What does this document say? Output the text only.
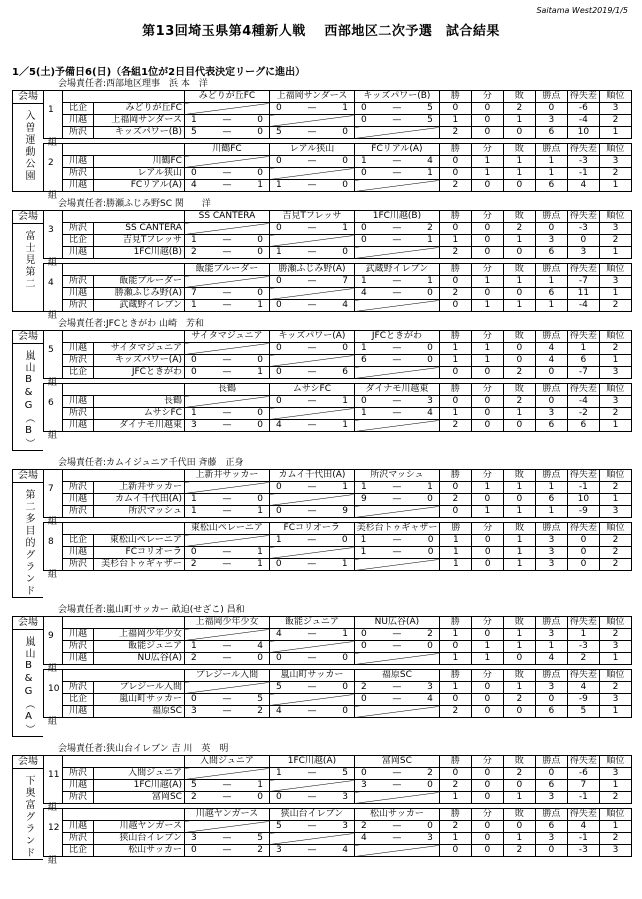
Saitama West2019/1/5
第13回埼玉県第4種新人戦　 西部地区二次予選　試合結果
1／5(土)予備日6(日)（各組1位が2日目代表決定リーグに進出）
会場責任者:西部地区理事　浜 本　洋
会場
入曽運動公園 1
組
		みどりが丘FC	上福岡サンダース	キッズパワー(B)	勝	分	敗	勝点	得失差	順位
比企	みどりが丘FC		0 — 1	0 — 5	0	0	2	0	-6	3
川越	上福岡サンダース	1 — 0		0 — 5	1	0	1	3	-4	2
所沢	キッズパワー(B)	5 — 0	5 — 0		2	0	0	6	10	1
2
組
		川鶴FC	レアル狭山	FCリアル(A)	勝	分	敗	勝点	得失差	順位
川越	川鶴FC		0 — 0	1 — 4	0	1	1	1	-3	3
所沢	レアル狭山	0 — 0		0 — 1	0	1	1	1	-1	2
川越	FCリアル(A)	4 — 1	1 — 0		2	0	0	6	4	1
会場責任者:勝瀬ふじみ野SC 関　　洋
会場
富士見第二 3
組
		SS CANTERA	吉見Tフレッサ	1FC川越(B)	勝	分	敗	勝点	得失差	順位
所沢	SS CANTERA		0 — 1	0 — 2	0	0	2	0	-3	3
比企	吉見Tフレッサ	1 — 0		0 — 1	1	0	1	3	0	2
川越	1FC川越(B)	2 — 0	1 — 0		2	0	0	6	3	1
4
組
		飯能ブルーダー	勝瀬ふじみ野(A)	武蔵野イレブン	勝	分	敗	勝点	得失差	順位
所沢	飯能ブルーダー		0 — 7	1 — 1	0	1	1	1	-7	3
川越	勝瀬ふじみ野(A)	7 — 0		4 — 0	2	0	0	6	11	1
所沢	武蔵野イレブン	1 — 1	0 — 4		0	1	1	1	-4	2
会場責任者:JFCときがわ 山崎　芳和
会場
嵐山B&G（B） 5
組
		サイタマジュニア	キッズパワー(A)	JFCときがわ	勝	分	敗	勝点	得失差	順位
川越	サイタマジュニア		0 — 0	1 — 0	1	1	0	4	1	2
所沢	キッズパワー(A)	0 — 0		6 — 0	1	1	0	4	6	1
比企	JFCときがわ	0 — 1	0 — 6		0	0	2	0	-7	3
6
組
		長鶴	ムサシFC	ダイナモ川越東	勝	分	敗	勝点	得失差	順位
川越	長鶴		0 — 1	0 — 3	0	0	2	0	-4	3
所沢	ムサシFC	1 — 0		1 — 4	1	0	1	3	-2	2
川越	ダイナモ川越東	3 — 0	4 — 1		2	0	0	6	6	1
会場責任者:カムイジュニア千代田 斉藤　正身
会場
第二多目的グランド 7
組
		上新井サッカー	カムイ千代田(A)	所沢マッシュ	勝	分	敗	勝点	得失差	順位
所沢	上新井サッカー		0 — 1	1 — 1	0	1	1	1	-1	2
川越	カムイ千代田(A)	1 — 0		9 — 0	2	0	0	6	10	1
所沢	所沢マッシュ	1 — 1	0 — 9		0	1	1	1	-9	3
8
組
		東松山ペレーニア	FCコリオーラ	美杉台トゥギャザー	勝	分	敗	勝点	得失差	順位
比企	東松山ペレーニア		1 — 0	1 — 0	1	0	1	3	0	2
川越	FCコリオーラ	0 — 1		1 — 0	1	0	1	3	0	2
所沢	美杉台トゥギャザー	2 — 1	0 — 1		1	0	1	3	0	2
会場責任者:嵐山町サッカー 畝迫(せざこ) 昌和
会場
嵐山B&G（A） 9
組
		上福岡少年少女	飯能ジュニア	NU広谷(A)	勝	分	敗	勝点	得失差	順位
川越	上福岡少年少女		4 — 1	0 — 2	1	0	1	3	1	2
所沢	飯能ジュニア	1 — 4		0 — 0	0	1	1	1	-3	3
川越	NU広谷(A)	2 — 0	0 — 0		1	1	0	4	2	1
10
組
		プレジール入間	嵐山町サッカー	福原SC	勝	分	敗	勝点	得失差	順位
所沢	プレジール入間		5 — 0	2 — 3	1	0	1	3	4	2
比企	嵐山町サッカー	0 — 5		0 — 4	0	0	2	0	-9	3
川越	福原SC	3 — 2	4 — 0		2	0	0	6	5	1
会場責任者:狭山台イレブン 吉 川　英　明
会場
下奥富グランド 11
組
		入間ジュニア	1FC川越(A)	富岡SC	勝	分	敗	勝点	得失差	順位
所沢	入間ジュニア		1 — 5	0 — 2	0	0	2	0	-6	3
川越	1FC川越(A)	5 — 1		3 — 0	2	0	0	6	7	1
所沢	富岡SC	2 — 0	0 — 3		1	0	1	3	-1	2
12
組
		川越ヤンガース	狭山台イレブン	松山サッカー	勝	分	敗	勝点	得失差	順位
川越	川越ヤンガース		5 — 3	2 — 0	2	0	0	6	4	1
所沢	狭山台イレブン	3 — 5		4 — 3	1	0	1	3	-1	2
比企	松山サッカー	0 — 2	3 — 4		0	0	2	0	-3	3
